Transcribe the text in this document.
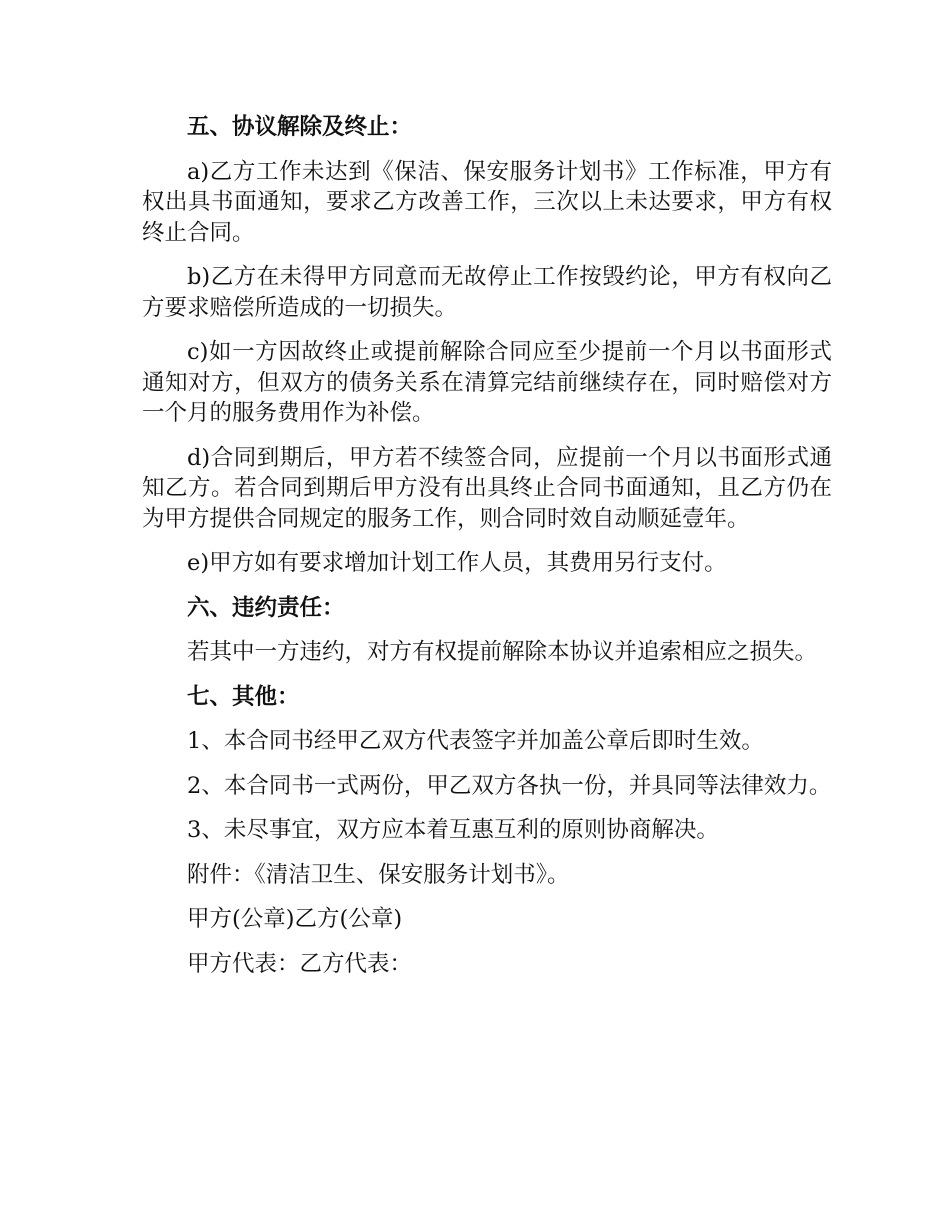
五、协议解除及终止：
a)乙方工作未达到《保洁、保安服务计划书》工作标准，甲方有权出具书面通知，要求乙方改善工作，三次以上未达要求，甲方有权终止合同。
b)乙方在未得甲方同意而无故停止工作按毁约论，甲方有权向乙方要求赔偿所造成的一切损失。
c)如一方因故终止或提前解除合同应至少提前一个月以书面形式通知对方，但双方的债务关系在清算完结前继续存在，同时赔偿对方一个月的服务费用作为补偿。
d)合同到期后，甲方若不续签合同，应提前一个月以书面形式通知乙方。若合同到期后甲方没有出具终止合同书面通知，且乙方仍在为甲方提供合同规定的服务工作，则合同时效自动顺延壹年。
e)甲方如有要求增加计划工作人员，其费用另行支付。
六、违约责任：
若其中一方违约，对方有权提前解除本协议并追索相应之损失。
七、其他：
1、本合同书经甲乙双方代表签字并加盖公章后即时生效。
2、本合同书一式两份，甲乙双方各执一份，并具同等法律效力。
3、未尽事宜，双方应本着互惠互利的原则协商解决。
附件：《清洁卫生、保安服务计划书》。
甲方(公章)乙方(公章)
甲方代表：乙方代表：
